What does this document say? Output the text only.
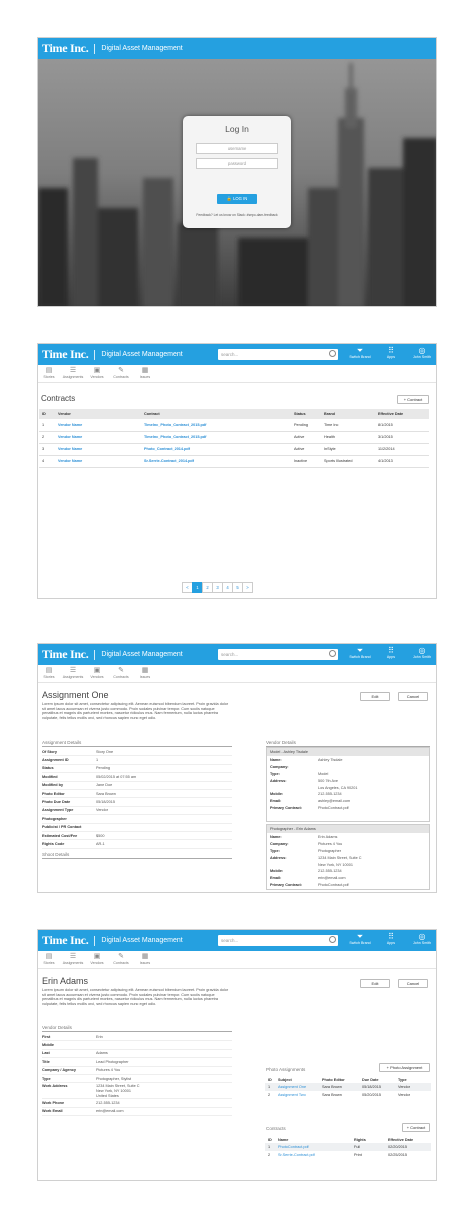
Time Inc. Digital Asset Management
Log In
username
password
🔒 LOG IN
Feedback? Let us know on Slack: #sepo-dam-feedback
Time Inc. Digital Asset Management	search...	⏷
Switch Brand
⠿
Apps
◎
John Smith
▤
Stories
☰
Assignments
▣
Vendors
✎
Contracts
▦
Issues
Contracts	+ Contract
ID	Vendor	Contract	Status	Brand	Effective Date
1	Vendor Name	TimeInc_Photo_Contract_2015.pdf	Pending	Time Inc	8/1/2015
2	Vendor Name	TimeInc_Photo_Contract_2015.pdf	Active	Health	3/1/2015
3	Vendor Name	Photo_Contract_2014.pdf	Active	InStyle	11/2/2014
4	Vendor Name	Sr.Serrie-Contract_2014.pdf	Inactive	Sports Illustrated	4/1/2013
<	1	2	3	4	5	>
Time Inc. Digital Asset Management	search...	⏷
Switch Brand
⠿
Apps
◎
John Smith
▤
Stories
☰
Assignments
▣
Vendors
✎
Contracts
▦
Issues
Assignment One	Edit	Cancel
Lorem ipsum dolor sit amet, consectetur adipiscing elit. Aenean euismod bibendum laoreet. Proin gravida dolor sit amet lacus accumsan et viverra justo commodo. Proin sodales pulvinar tempor. Cum sociis natoque penatibus et magnis dis parturient montes, nascetur ridiculus mus. Nam fermentum, nulla luctus pharetra vulputate, felis tellus mollis orci, sed rhoncus sapien nunc eget odio.
Assignment Details
Of Story	Story One
Assignment ID	1
Status	Pending
Modified	05/02/2015 at 07:55 am
Modified by	Jane Doe
Photo Editor	Sara Brown
Photo Due Date	05/18/2015
Assignment Type	Vendor
Photographer
Publicist / PR Contact
Estimated Cost/Fee	$500
Rights Code	AR-1
Shoot Details
Vendor Details
Model - Ashley Tisdale
Name:	Ashley Tisdale
Company:
Type:	Model
Address:	500 7th Ave
Los Angeles, CA 90201
Mobile:	212-555-1234
Email:	ashley@email.com
Primary Contract:	PhotoContract.pdf
Photographer - Erin Adams
Name:	Erin Adams
Company:	Pictures 4 You
Type:	Photographer
Address:	1234 Main Street, Suite C
New York, NY 10001
Mobile:	212-555-1234
Email:	erin@email.com
Primary Contract:	PhotoContract.pdf
Time Inc. Digital Asset Management	search...	⏷
Switch Brand
⠿
Apps
◎
John Smith
▤
Stories
☰
Assignments
▣
Vendors
✎
Contracts
▦
Issues
Erin Adams	Edit	Cancel
Lorem ipsum dolor sit amet, consectetur adipiscing elit. Aenean euismod bibendum laoreet. Proin gravida dolor sit amet lacus accumsan et viverra justo commodo. Proin sodales pulvinar tempor. Cum sociis natoque penatibus et magnis dis parturient montes, nascetur ridiculus mus. Nam fermentum, nulla luctus pharetra vulputate, felis tellus mollis orci, sed rhoncus sapien nunc eget odio.
Vendor Details
First	Erin
Middle
Last	Adams
Title	Lead Photographer
Company / Agency	Pictures 4 You
Type	Photographer, Stylist
Work Address	1234 Main Street, Suite C
New York, NY 10001
United States
Work Phone	212-555-1234
Work Email	erin@email.com
Photo Assignments	+ Photo Assignment
ID	Subject	Photo Editor	Due Date	Type
1	Assignment One	Sara Brown	05/18/2015	Vendor
2	Assignment Two	Sara Brown	05/20/2015	Vendor
Contracts	+ Contract
ID	Name	Rights	Effective Date
1	PhotoContract.pdf	Full	02/20/2015
2	Sr.Serrie-Contract.pdf	Print	02/25/2015
